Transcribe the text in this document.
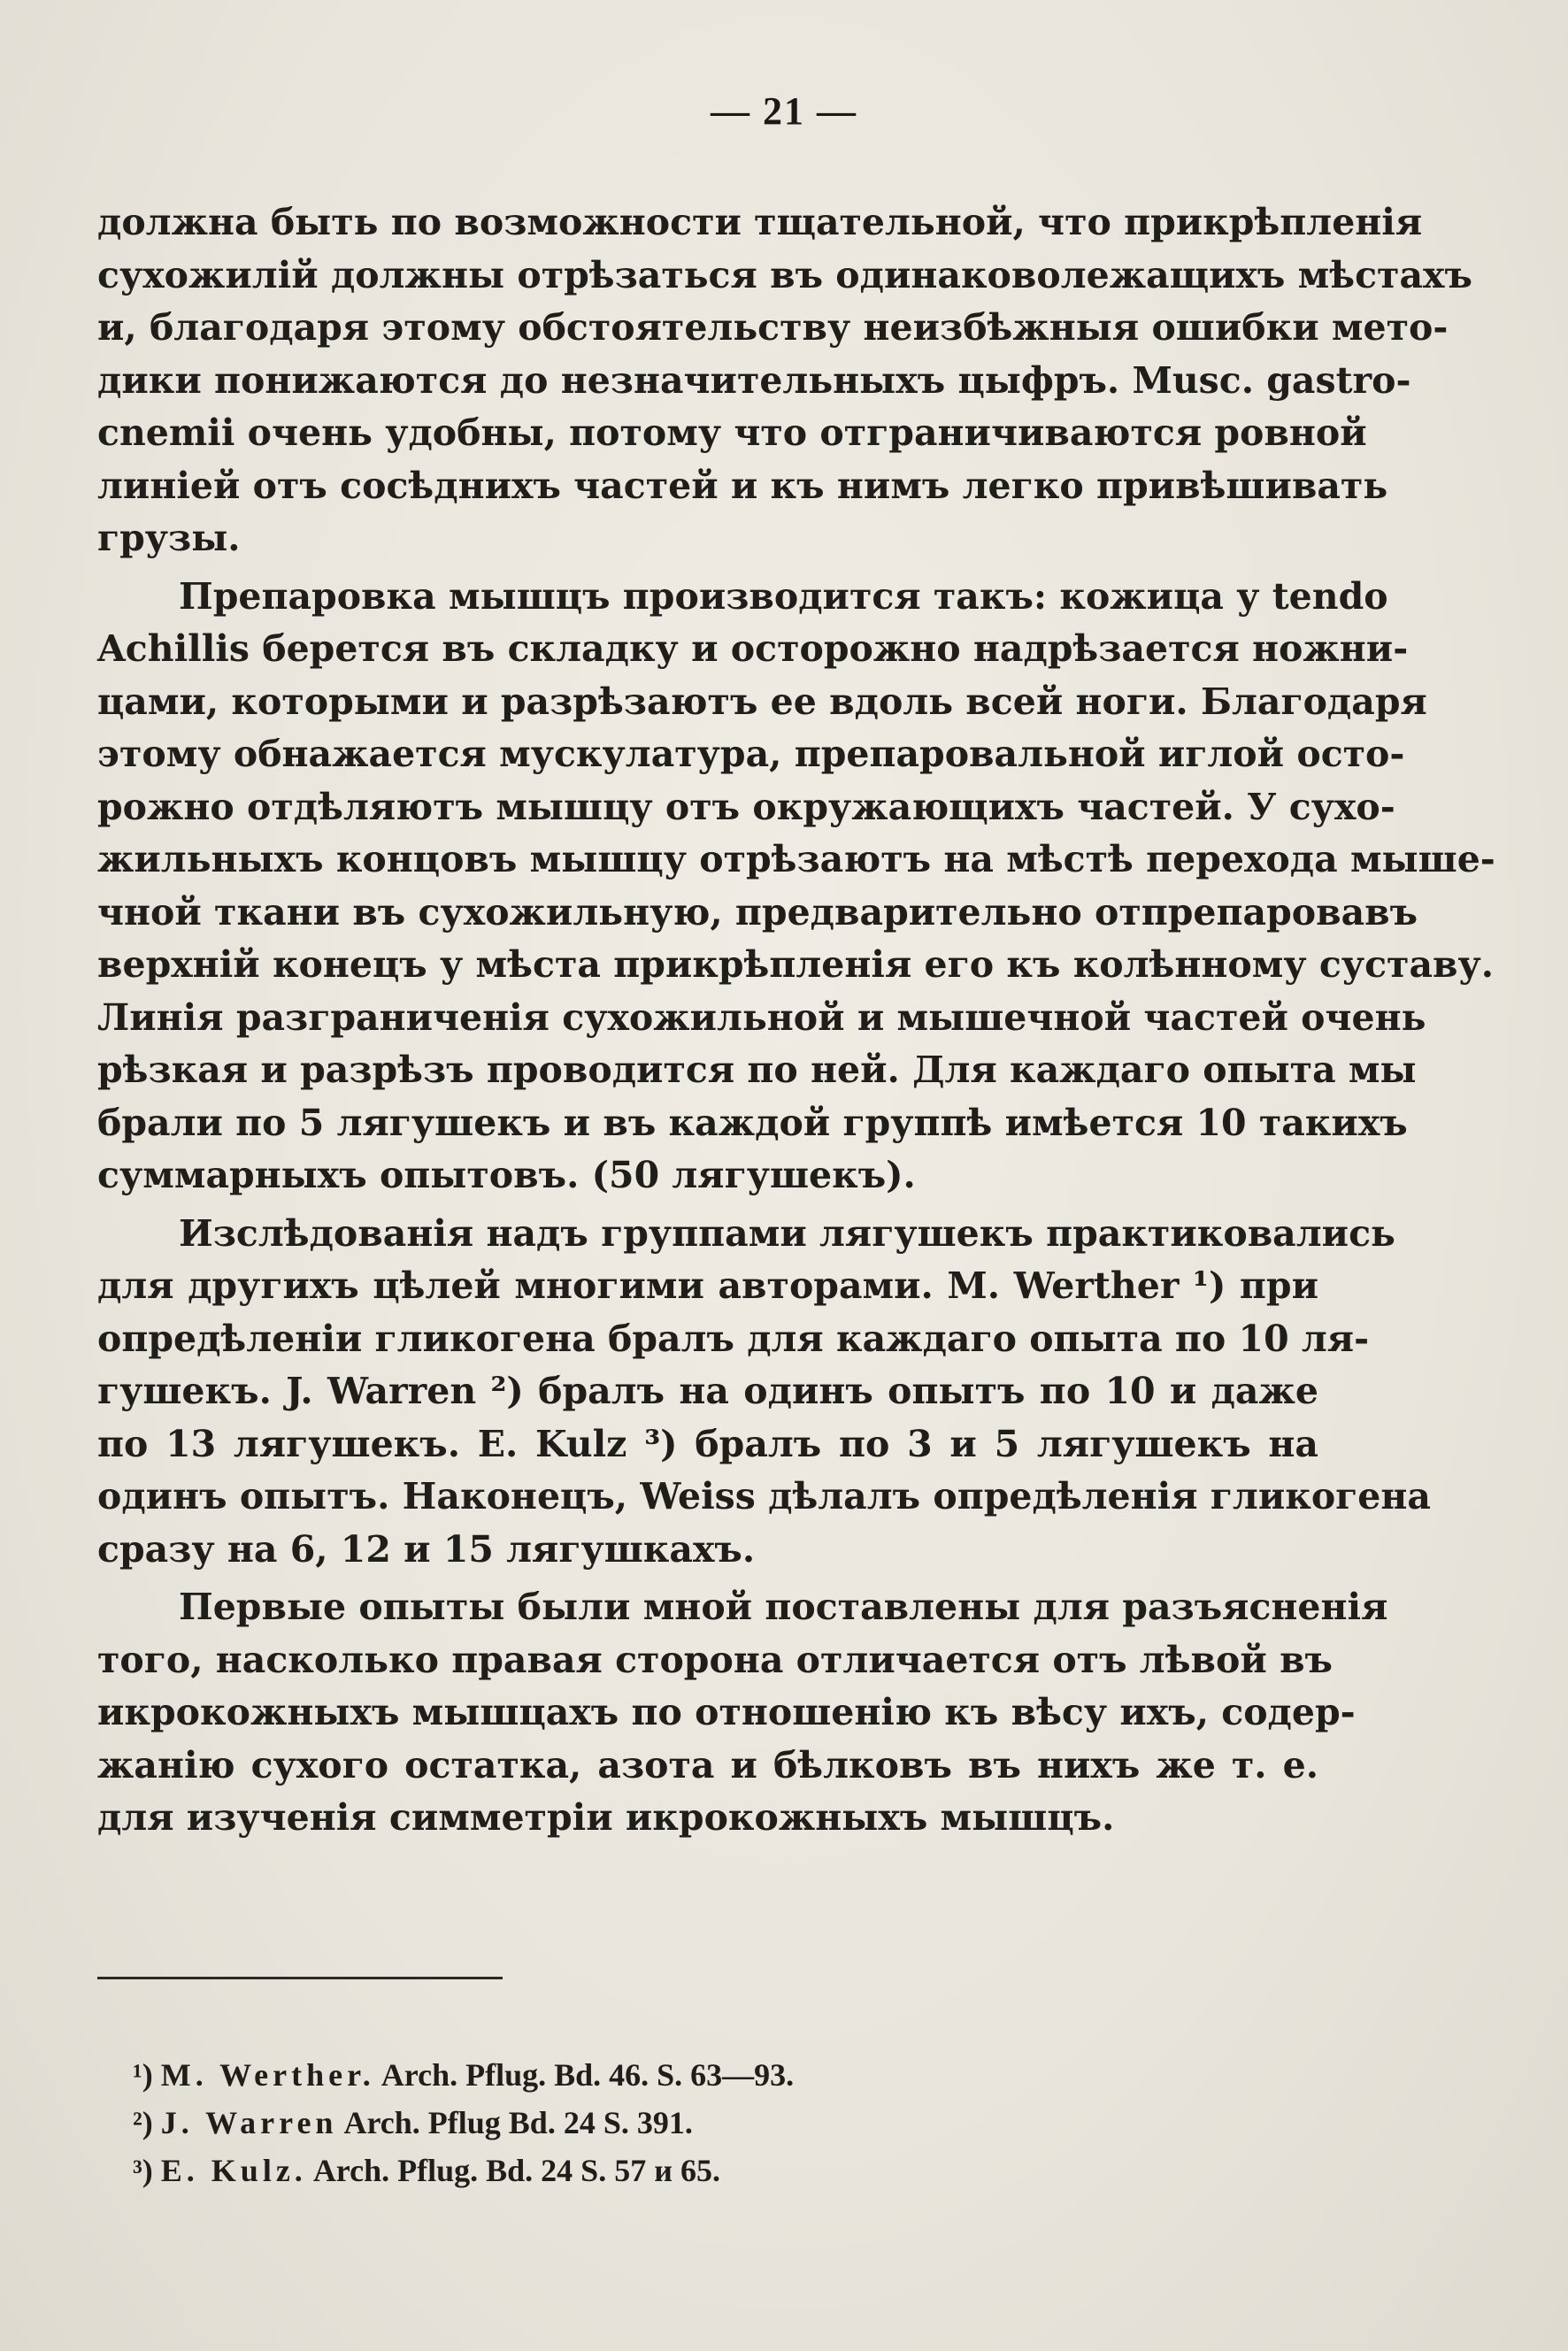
— 21 —
должна быть по возможности тщательной, что прикрѣпленія
сухожилій должны отрѣзаться въ одинаковолежащихъ мѣстахъ
и, благодаря этому обстоятельству неизбѣжныя ошибки мето-
дики понижаются до незначительныхъ цыфръ. Musc. gastro-
cnemii очень удобны, потому что отграничиваются ровной
линіей отъ сосѣднихъ частей и къ нимъ легко привѣшивать
грузы.
Препаровка мышцъ производится такъ: кожица у tendo
Achillis берется въ складку и осторожно надрѣзается ножни-
цами, которыми и разрѣзаютъ ее вдоль всей ноги. Благодаря
этому обнажается мускулатура, препаровальной иглой осто-
рожно отдѣляютъ мышцу отъ окружающихъ частей. У сухо-
жильныхъ концовъ мышцу отрѣзаютъ на мѣстѣ перехода мыше-
чной ткани въ сухожильную, предварительно отпрепаровавъ
верхній конецъ у мѣста прикрѣпленія его къ колѣнному суставу.
Линія разграниченія сухожильной и мышечной частей очень
рѣзкая и разрѣзъ проводится по ней. Для каждаго опыта мы
брали по 5 лягушекъ и въ каждой группѣ имѣется 10 такихъ
суммарныхъ опытовъ. (50 лягушекъ).
Изслѣдованія надъ группами лягушекъ практиковались
для другихъ цѣлей многими авторами. M. Werther ¹) при
опредѣленіи гликогена бралъ для каждаго опыта по 10 ля-
гушекъ. J. Warren ²) бралъ на одинъ опытъ по 10 и даже
по 13 лягушекъ. E. Kulz ³) бралъ по 3 и 5 лягушекъ на
одинъ опытъ. Наконецъ, Weiss дѣлалъ опредѣленія гликогена
сразу на 6, 12 и 15 лягушкахъ.
Первые опыты были мной поставлены для разъясненія
того, насколько правая сторона отличается отъ лѣвой въ
икрокожныхъ мышцахъ по отношенію къ вѣсу ихъ, содер-
жанію сухого остатка, азота и бѣлковъ въ нихъ же т. е.
для изученія симметріи икрокожныхъ мышцъ.
¹) M. Werther. Arch. Pflug. Bd. 46. S. 63—93.
²) J. Warren Arch. Pflug Bd. 24 S. 391.
³) E. Kulz. Arch. Pflug. Bd. 24 S. 57 и 65.
